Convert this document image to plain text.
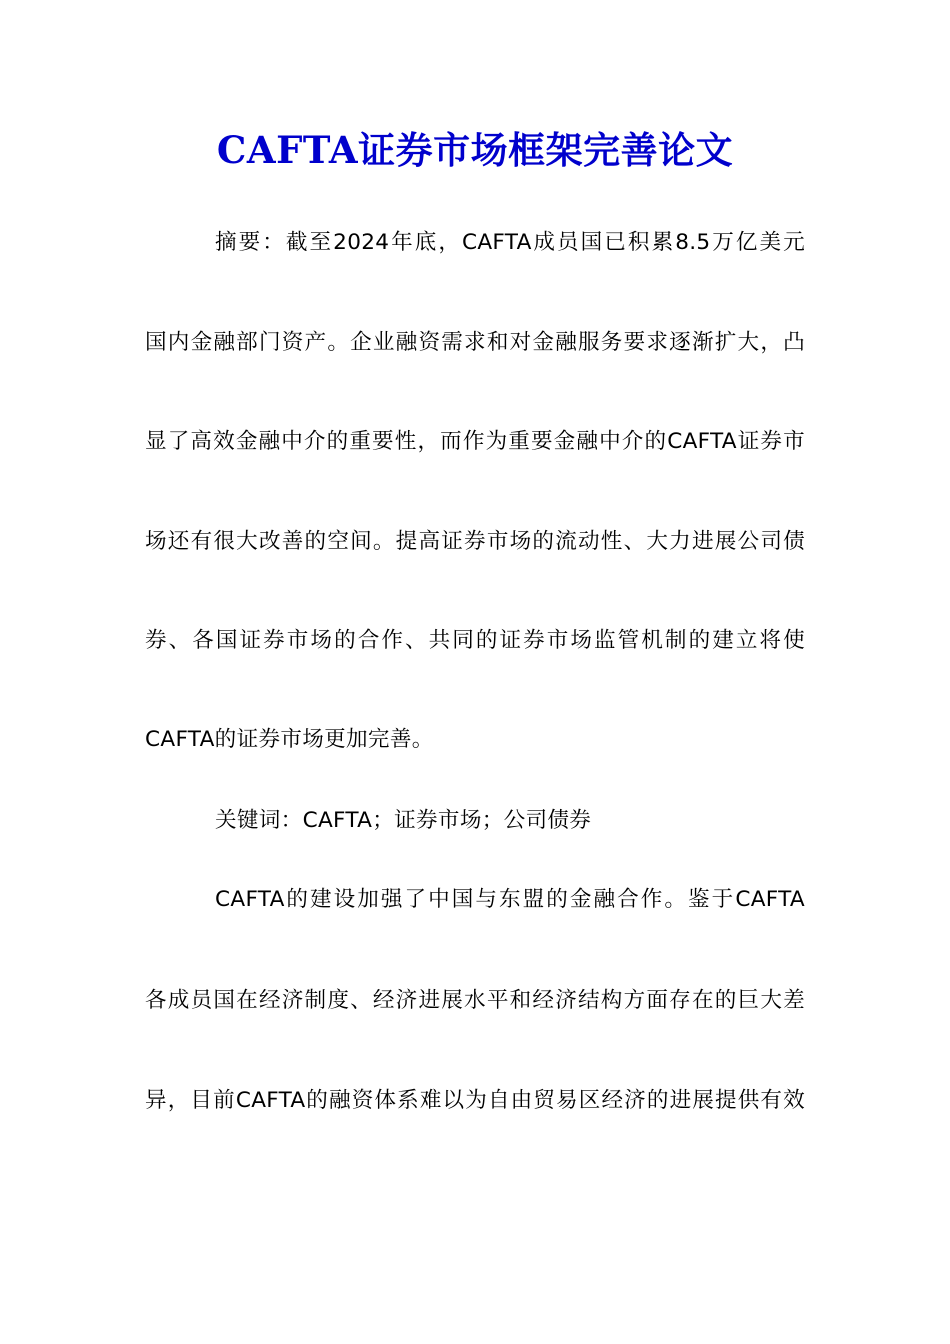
CAFTA证券市场框架完善论文
摘要：截至2024年底，CAFTA成员国已积累8.5万亿美元
国内金融部门资产。企业融资需求和对金融服务要求逐渐扩大，凸
显了高效金融中介的重要性，而作为重要金融中介的CAFTA证券市
场还有很大改善的空间。提高证券市场的流动性、大力进展公司债
券、各国证券市场的合作、共同的证券市场监管机制的建立将使
CAFTA的证券市场更加完善。
关键词：CAFTA；证券市场；公司债券
CAFTA的建设加强了中国与东盟的金融合作。鉴于CAFTA
各成员国在经济制度、经济进展水平和经济结构方面存在的巨大差
异，目前CAFTA的融资体系难以为自由贸易区经济的进展提供有效
